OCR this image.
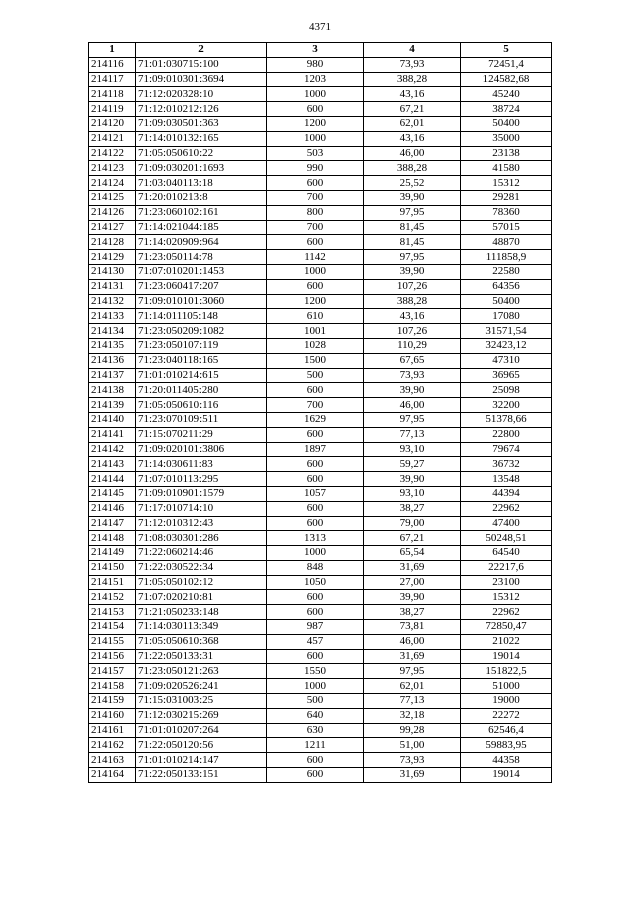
4371
1	2	3	4	5
214116	71:01:030715:100	980	73,93	72451,4
214117	71:09:010301:3694	1203	388,28	124582,68
214118	71:12:020328:10	1000	43,16	45240
214119	71:12:010212:126	600	67,21	38724
214120	71:09:030501:363	1200	62,01	50400
214121	71:14:010132:165	1000	43,16	35000
214122	71:05:050610:22	503	46,00	23138
214123	71:09:030201:1693	990	388,28	41580
214124	71:03:040113:18	600	25,52	15312
214125	71:20:010213:8	700	39,90	29281
214126	71:23:060102:161	800	97,95	78360
214127	71:14:021044:185	700	81,45	57015
214128	71:14:020909:964	600	81,45	48870
214129	71:23:050114:78	1142	97,95	111858,9
214130	71:07:010201:1453	1000	39,90	22580
214131	71:23:060417:207	600	107,26	64356
214132	71:09:010101:3060	1200	388,28	50400
214133	71:14:011105:148	610	43,16	17080
214134	71:23:050209:1082	1001	107,26	31571,54
214135	71:23:050107:119	1028	110,29	32423,12
214136	71:23:040118:165	1500	67,65	47310
214137	71:01:010214:615	500	73,93	36965
214138	71:20:011405:280	600	39,90	25098
214139	71:05:050610:116	700	46,00	32200
214140	71:23:070109:511	1629	97,95	51378,66
214141	71:15:070211:29	600	77,13	22800
214142	71:09:020101:3806	1897	93,10	79674
214143	71:14:030611:83	600	59,27	36732
214144	71:07:010113:295	600	39,90	13548
214145	71:09:010901:1579	1057	93,10	44394
214146	71:17:010714:10	600	38,27	22962
214147	71:12:010312:43	600	79,00	47400
214148	71:08:030301:286	1313	67,21	50248,51
214149	71:22:060214:46	1000	65,54	64540
214150	71:22:030522:34	848	31,69	22217,6
214151	71:05:050102:12	1050	27,00	23100
214152	71:07:020210:81	600	39,90	15312
214153	71:21:050233:148	600	38,27	22962
214154	71:14:030113:349	987	73,81	72850,47
214155	71:05:050610:368	457	46,00	21022
214156	71:22:050133:31	600	31,69	19014
214157	71:23:050121:263	1550	97,95	151822,5
214158	71:09:020526:241	1000	62,01	51000
214159	71:15:031003:25	500	77,13	19000
214160	71:12:030215:269	640	32,18	22272
214161	71:01:010207:264	630	99,28	62546,4
214162	71:22:050120:56	1211	51,00	59883,95
214163	71:01:010214:147	600	73,93	44358
214164	71:22:050133:151	600	31,69	19014
